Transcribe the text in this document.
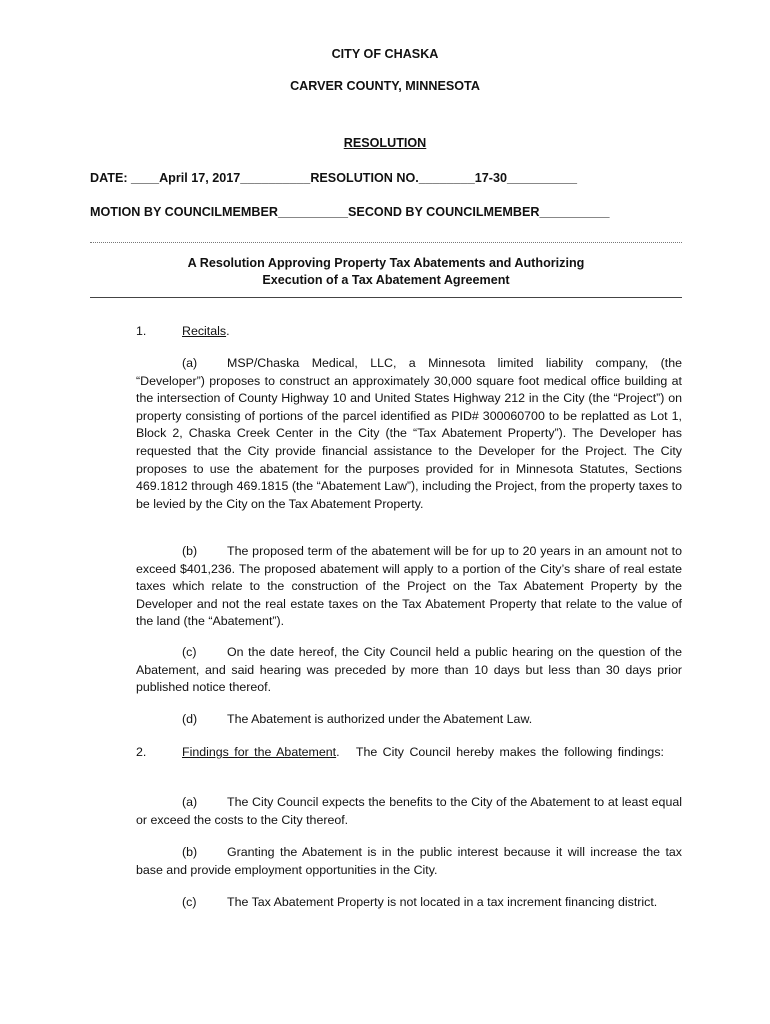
CITY OF CHASKA
CARVER COUNTY, MINNESOTA
RESOLUTION
DATE: ____April 17, 2017__________RESOLUTION NO.________17-30__________
MOTION BY COUNCILMEMBER__________SECOND BY COUNCILMEMBER__________
A Resolution Approving Property Tax Abatements and Authorizing
Execution of a Tax Abatement Agreement
1.	Recitals.
(a) MSP/Chaska Medical, LLC, a Minnesota limited liability company, (the “Developer”) proposes to construct an approximately 30,000 square foot medical office building at the intersection of County Highway 10 and United States Highway 212 in the City (the “Project”) on property consisting of portions of the parcel identified as PID# 300060700 to be replatted as Lot 1, Block 2, Chaska Creek Center in the City (the “Tax Abatement Property”). The Developer has requested that the City provide financial assistance to the Developer for the Project. The City proposes to use the abatement for the purposes provided for in Minnesota Statutes, Sections 469.1812 through 469.1815 (the “Abatement Law”), including the Project, from the property taxes to be levied by the City on the Tax Abatement Property.
(b) The proposed term of the abatement will be for up to 20 years in an amount not to exceed $401,236. The proposed abatement will apply to a portion of the City’s share of real estate taxes which relate to the construction of the Project on the Tax Abatement Property by the Developer and not the real estate taxes on the Tax Abatement Property that relate to the value of the land (the “Abatement”).
(c) On the date hereof, the City Council held a public hearing on the question of the Abatement, and said hearing was preceded by more than 10 days but less than 30 days prior published notice thereof.
(d) The Abatement is authorized under the Abatement Law.
2.	Findings for the Abatement. The City Council hereby makes the following findings:
(a) The City Council expects the benefits to the City of the Abatement to at least equal or exceed the costs to the City thereof.
(b) Granting the Abatement is in the public interest because it will increase the tax base and provide employment opportunities in the City.
(c) The Tax Abatement Property is not located in a tax increment financing district.
